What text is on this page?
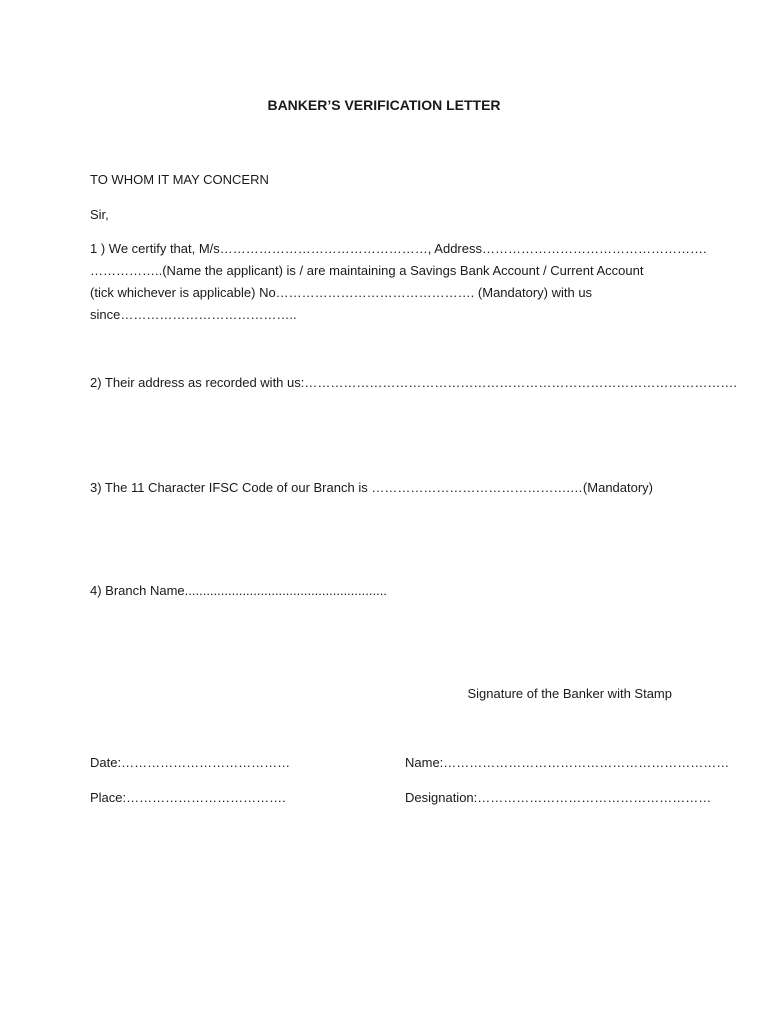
BANKER’S VERIFICATION LETTER
TO WHOM IT MAY CONCERN
Sir,
1 ) We certify that, M/s…………………………………………, Address…………………………………………….
……………..(Name the applicant) is / are maintaining a Savings Bank Account / Current Account
(tick whichever is applicable) No………………………………………. (Mandatory) with us
since…………………………………..
2) Their address as recorded with us:……………………………………………………………………………………….
3) The 11 Character IFSC Code of our Branch is ……………………………………….…(Mandatory)
4) Branch Name........................................................
Signature of the Banker with Stamp
Date:…………………………………
Place:……………………………….
Name:…………………………………………………………
Designation:………………………………………………
